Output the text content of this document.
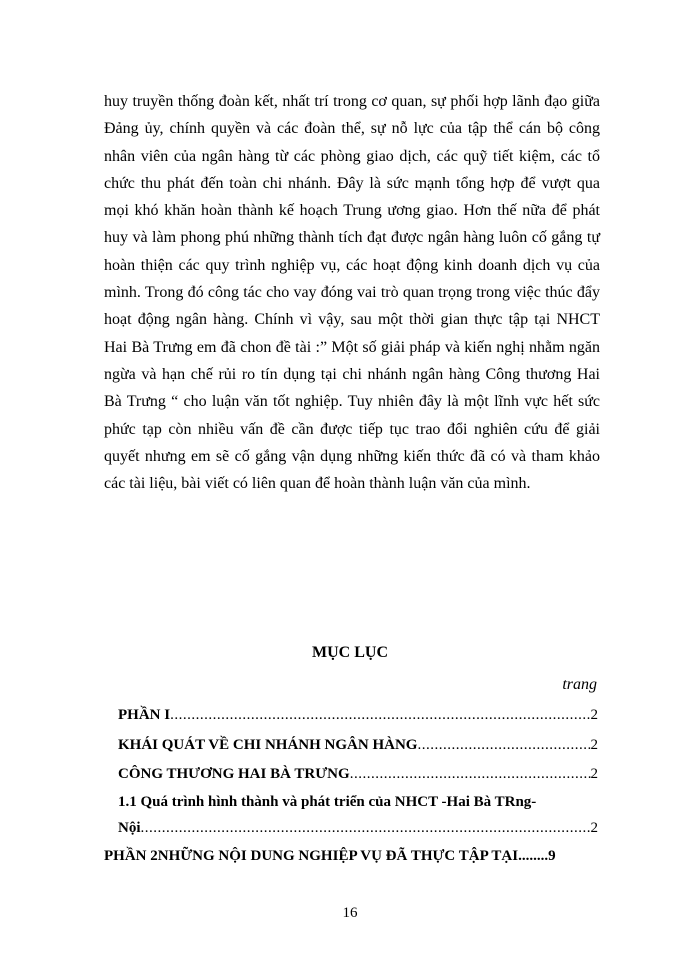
huy truyền thống đoàn kết, nhất trí trong cơ quan, sự phối hợp lãnh đạo giữa
Đảng ủy, chính quyền và các đoàn thể, sự nỗ lực của tập thể cán bộ công
nhân viên của ngân hàng từ các phòng giao dịch, các quỹ tiết kiệm, các tổ
chức thu phát đến toàn chi nhánh. Đây là sức mạnh tổng hợp để vượt qua
mọi khó khăn hoàn thành kế hoạch Trung ương giao. Hơn thế nữa để phát
huy và làm phong phú những thành tích đạt được ngân hàng luôn cố gắng tự
hoàn thiện các quy trình nghiệp vụ, các hoạt động kinh doanh dịch vụ của
mình. Trong đó công tác cho vay đóng vai trò quan trọng trong việc thúc đẩy
hoạt động ngân hàng. Chính vì vậy, sau một thời gian thực tập tại NHCT
Hai Bà Trưng em đã chon đề tài :” Một số giải pháp và kiến nghị nhằm ngăn
ngừa và hạn chế rủi ro tín dụng tại chi nhánh ngân hàng Công thương Hai
Bà Trưng “ cho luận văn tốt nghiệp. Tuy nhiên đây là một lĩnh vực hết sức
phức tạp còn nhiều vấn đề cần được tiếp tục trao đổi nghiên cứu để giải
quyết nhưng em sẽ cố gắng vận dụng những kiến thức đã có và tham khảo
các tài liệu, bài viết có liên quan để hoàn thành luận văn của mình.
MỤC LỤC
trang
PHẦN I .....	2
KHÁI QUÁT VỀ CHI NHÁNH NGÂN HÀNG .....	2
CÔNG THƯƠNG HAI BÀ TRƯNG .....	2
1.1 Quá trình hình thành và phát triển của NHCT -Hai Bà TRng-
Nội .....	2
PHẦN 2NHỮNG NỘI DUNG NGHIỆP VỤ ĐÃ THỰC TẬP TẠI ........ 9
16
